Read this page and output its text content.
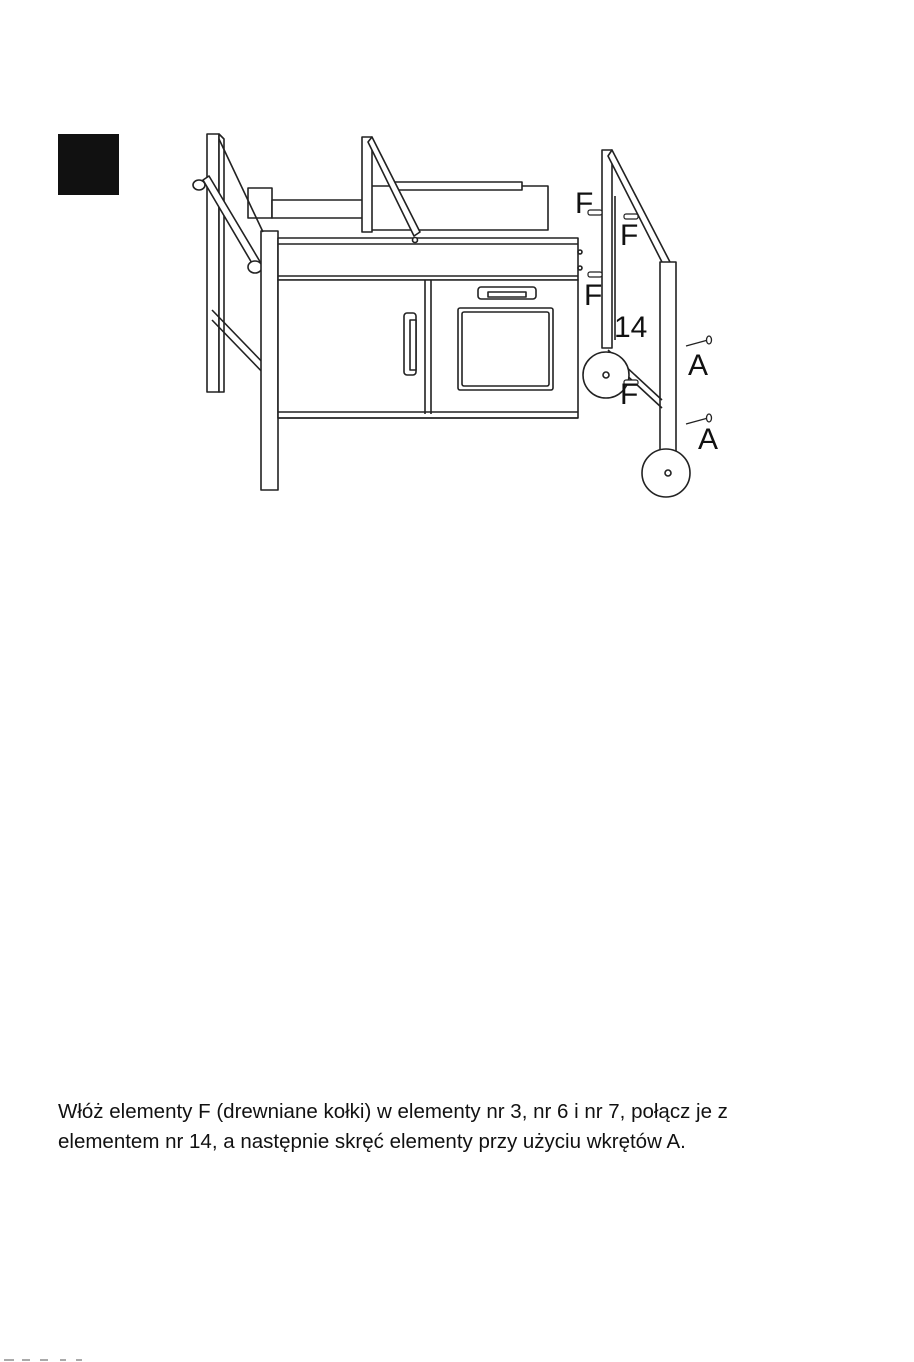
F
F
F
F
14
A
A

Włóż elementy F (drewniane kołki) w elementy nr 3, nr 6 i nr 7, połącz je z
elementem nr 14, a następnie skręć elementy przy użyciu wkrętów A.
